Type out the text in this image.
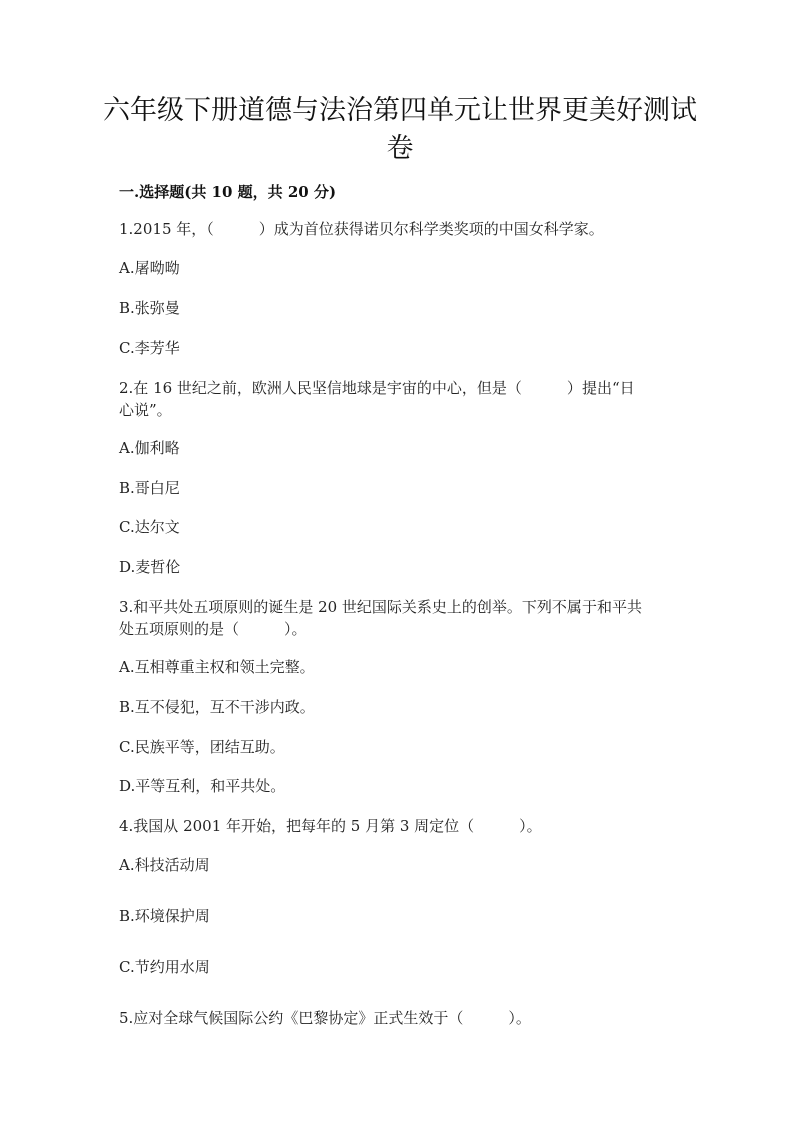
六年级下册道德与法治第四单元让世界更美好测试
卷
一.选择题(共 10 题，共 20 分)
1.2015 年，（　　　）成为首位获得诺贝尔科学类奖项的中国女科学家。
A.屠呦呦
B.张弥曼
C.李芳华
2.在 16 世纪之前，欧洲人民坚信地球是宇宙的中心，但是（　　　）提出“日
心说”。
A.伽利略
B.哥白尼
C.达尔文
D.麦哲伦
3.和平共处五项原则的诞生是 20 世纪国际关系史上的创举。下列不属于和平共
处五项原则的是（　　　）。
A.互相尊重主权和领土完整。
B.互不侵犯，互不干涉内政。
C.民族平等，团结互助。
D.平等互利，和平共处。
4.我国从 2001 年开始，把每年的 5 月第 3 周定位（　　　）。
A.科技活动周
B.环境保护周
C.节约用水周
5.应对全球气候国际公约《巴黎协定》正式生效于（　　　）。
